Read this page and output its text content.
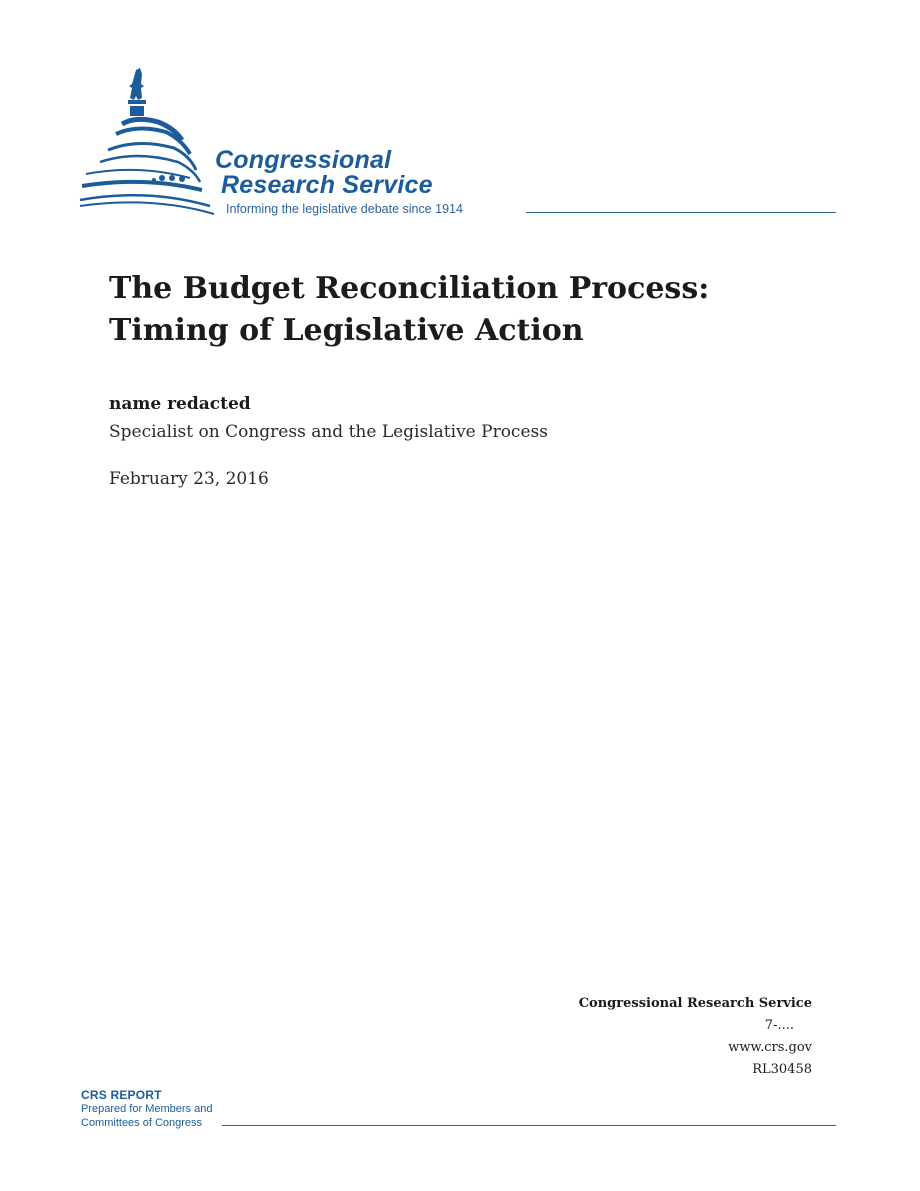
Congressional
Research Service
Informing the legislative debate since 1914
The Budget Reconciliation Process:
Timing of Legislative Action
name redacted
Specialist on Congress and the Legislative Process
February 23, 2016
Congressional Research Service
7-....
www.crs.gov
RL30458
CRS REPORT
Prepared for Members and
Committees of Congress
